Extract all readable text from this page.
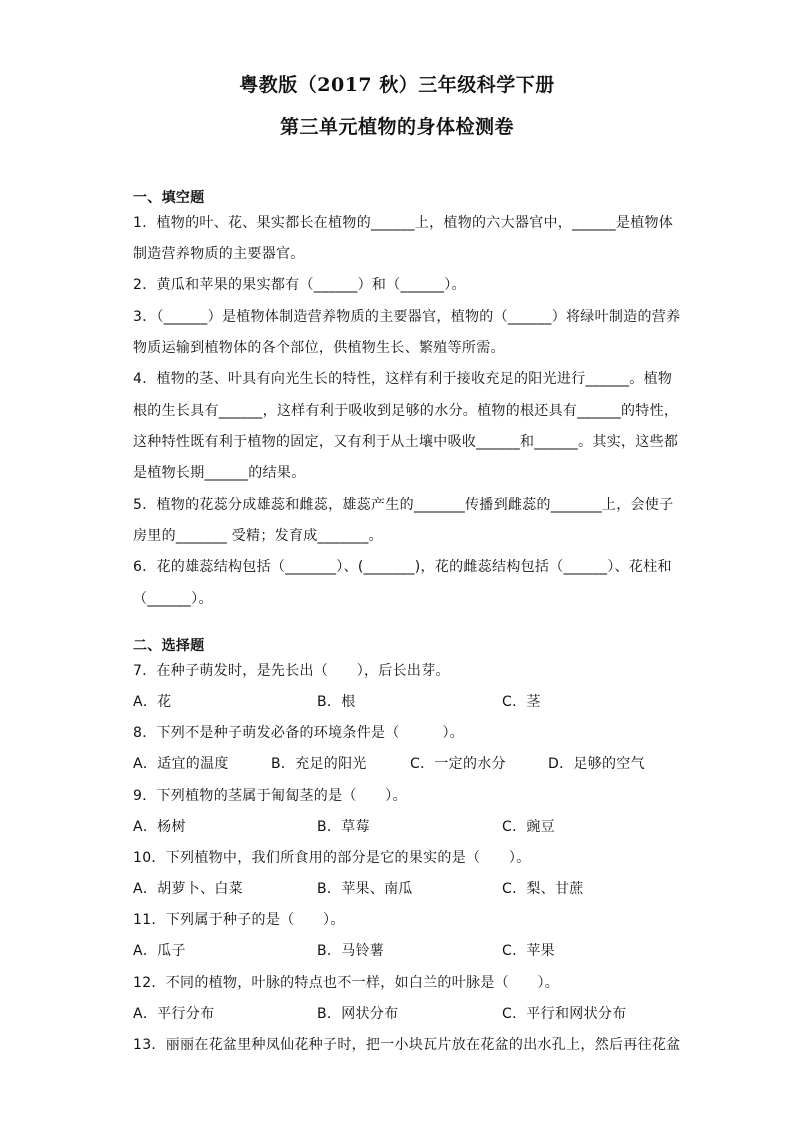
粤教版（2017 秋）三年级科学下册
第三单元植物的身体检测卷
一、填空题
1．植物的叶、花、果实都长在植物的______上，植物的六大器官中，______是植物体
制造营养物质的主要器官。
2．黄瓜和苹果的果实都有（______）和（______）。
3．（______）是植物体制造营养物质的主要器官，植物的（______）将绿叶制造的营养
物质运输到植物体的各个部位，供植物生长、繁殖等所需。
4．植物的茎、叶具有向光生长的特性，这样有利于接收充足的阳光进行______。植物
根的生长具有______，这样有利于吸收到足够的水分。植物的根还具有______的特性，
这种特性既有利于植物的固定，又有利于从土壤中吸收______和______。其实，这些都
是植物长期______的结果。
5．植物的花蕊分成雄蕊和雌蕊，雄蕊产生的_______传播到雌蕊的_______上，会使子
房里的_______ 受精；发育成_______。
6．花的雄蕊结构包括（_______）、(_______)，花的雌蕊结构包括（______）、花柱和
（______）。
二、选择题
7．在种子萌发时，是先长出（　　），后长出芽。
A．花	B．根	C．茎
8．下列不是种子萌发必备的环境条件是（　　　）。
A．适宜的温度	B．充足的阳光	C．一定的水分	D．足够的空气
9．下列植物的茎属于匍匐茎的是（　　）。
A．杨树	B．草莓	C．豌豆
10．下列植物中，我们所食用的部分是它的果实的是（　　）。
A．胡萝卜、白菜	B．苹果、南瓜	C．梨、甘蔗
11．下列属于种子的是（　　）。
A．瓜子	B．马铃薯	C．苹果
12．不同的植物，叶脉的特点也不一样，如白兰的叶脉是（　　）。
A．平行分布	B．网状分布	C．平行和网状分布
13．丽丽在花盆里种凤仙花种子时，把一小块瓦片放在花盆的出水孔上，然后再往花盆
